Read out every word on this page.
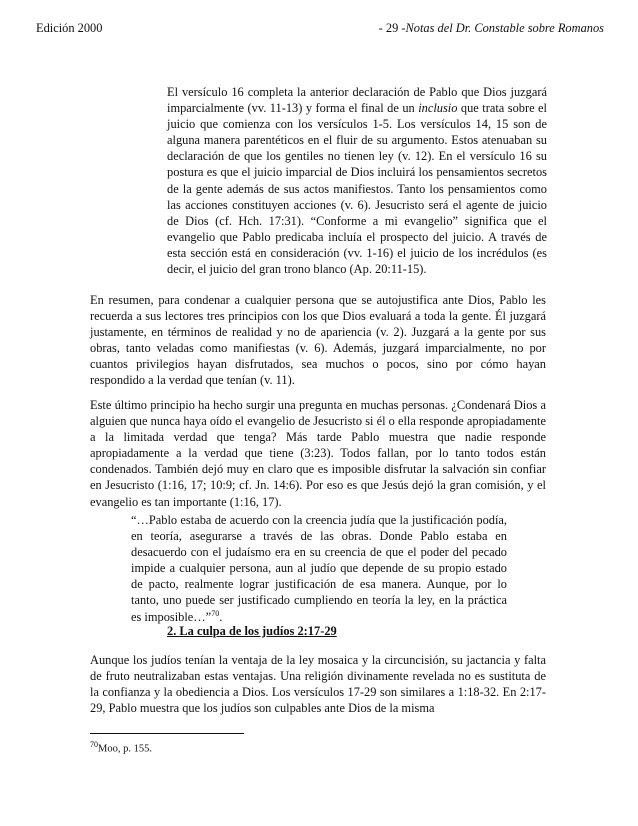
Edición 2000	- 29 -Notas del Dr. Constable sobre Romanos

El versículo 16 completa la anterior declaración de Pablo que Dios juzgará imparcialmente (vv. 11-13) y forma el final de un inclusio que trata sobre el juicio que comienza con los versículos 1-5. Los versículos 14, 15 son de alguna manera parentéticos en el fluir de su argumento. Estos atenuaban su declaración de que los gentiles no tienen ley (v. 12). En el versículo 16 su postura es que el juicio imparcial de Dios incluirá los pensamientos secretos de la gente además de sus actos manifiestos. Tanto los pensamientos como las acciones constituyen acciones (v. 6). Jesucristo será el agente de juicio de Dios (cf. Hch. 17:31). “Conforme a mi evangelio” significa que el evangelio que Pablo predicaba incluía el prospecto del juicio. A través de esta sección está en consideración (vv. 1-16) el juicio de los incrédulos (es decir, el juicio del gran trono blanco (Ap. 20:11-15).

En resumen, para condenar a cualquier persona que se autojustifica ante Dios, Pablo les recuerda a sus lectores tres principios con los que Dios evaluará a toda la gente. Él juzgará justamente, en términos de realidad y no de apariencia (v. 2). Juzgará a la gente por sus obras, tanto veladas como manifiestas (v. 6). Además, juzgará imparcialmente, no por cuantos privilegios hayan disfrutados, sea muchos o pocos, sino por cómo hayan respondido a la verdad que tenían (v. 11).

Este último principio ha hecho surgir una pregunta en muchas personas. ¿Condenará Dios a alguien que nunca haya oído el evangelio de Jesucristo si él o ella responde apropiadamente a la limitada verdad que tenga? Más tarde Pablo muestra que nadie responde apropiadamente a la verdad que tiene (3:23). Todos fallan, por lo tanto todos están condenados. También dejó muy en claro que es imposible disfrutar la salvación sin confiar en Jesucristo (1:16, 17; 10:9; cf. Jn. 14:6). Por eso es que Jesús dejó la gran comisión, y el evangelio es tan importante (1:16, 17).

“…Pablo estaba de acuerdo con la creencia judía que la justificación podía, en teoría, asegurarse a través de las obras. Donde Pablo estaba en desacuerdo con el judaísmo era en su creencia de que el poder del pecado impide a cualquier persona, aun al judío que depende de su propio estado de pacto, realmente lograr justificación de esa manera. Aunque, por lo tanto, uno puede ser justificado cumpliendo en teoría la ley, en la práctica es imposible…”$^{70}$.

2. La culpa de los judíos 2:17-29

Aunque los judíos tenían la ventaja de la ley mosaica y la circuncisión, su jactancia y falta de fruto neutralizaban estas ventajas. Una religión divinamente revelada no es sustituta de la confianza y la obediencia a Dios. Los versículos 17-29 son similares a 1:18-32. En 2:17-29, Pablo muestra que los judíos son culpables ante Dios de la misma

$^{70}$Moo, p. 155.
